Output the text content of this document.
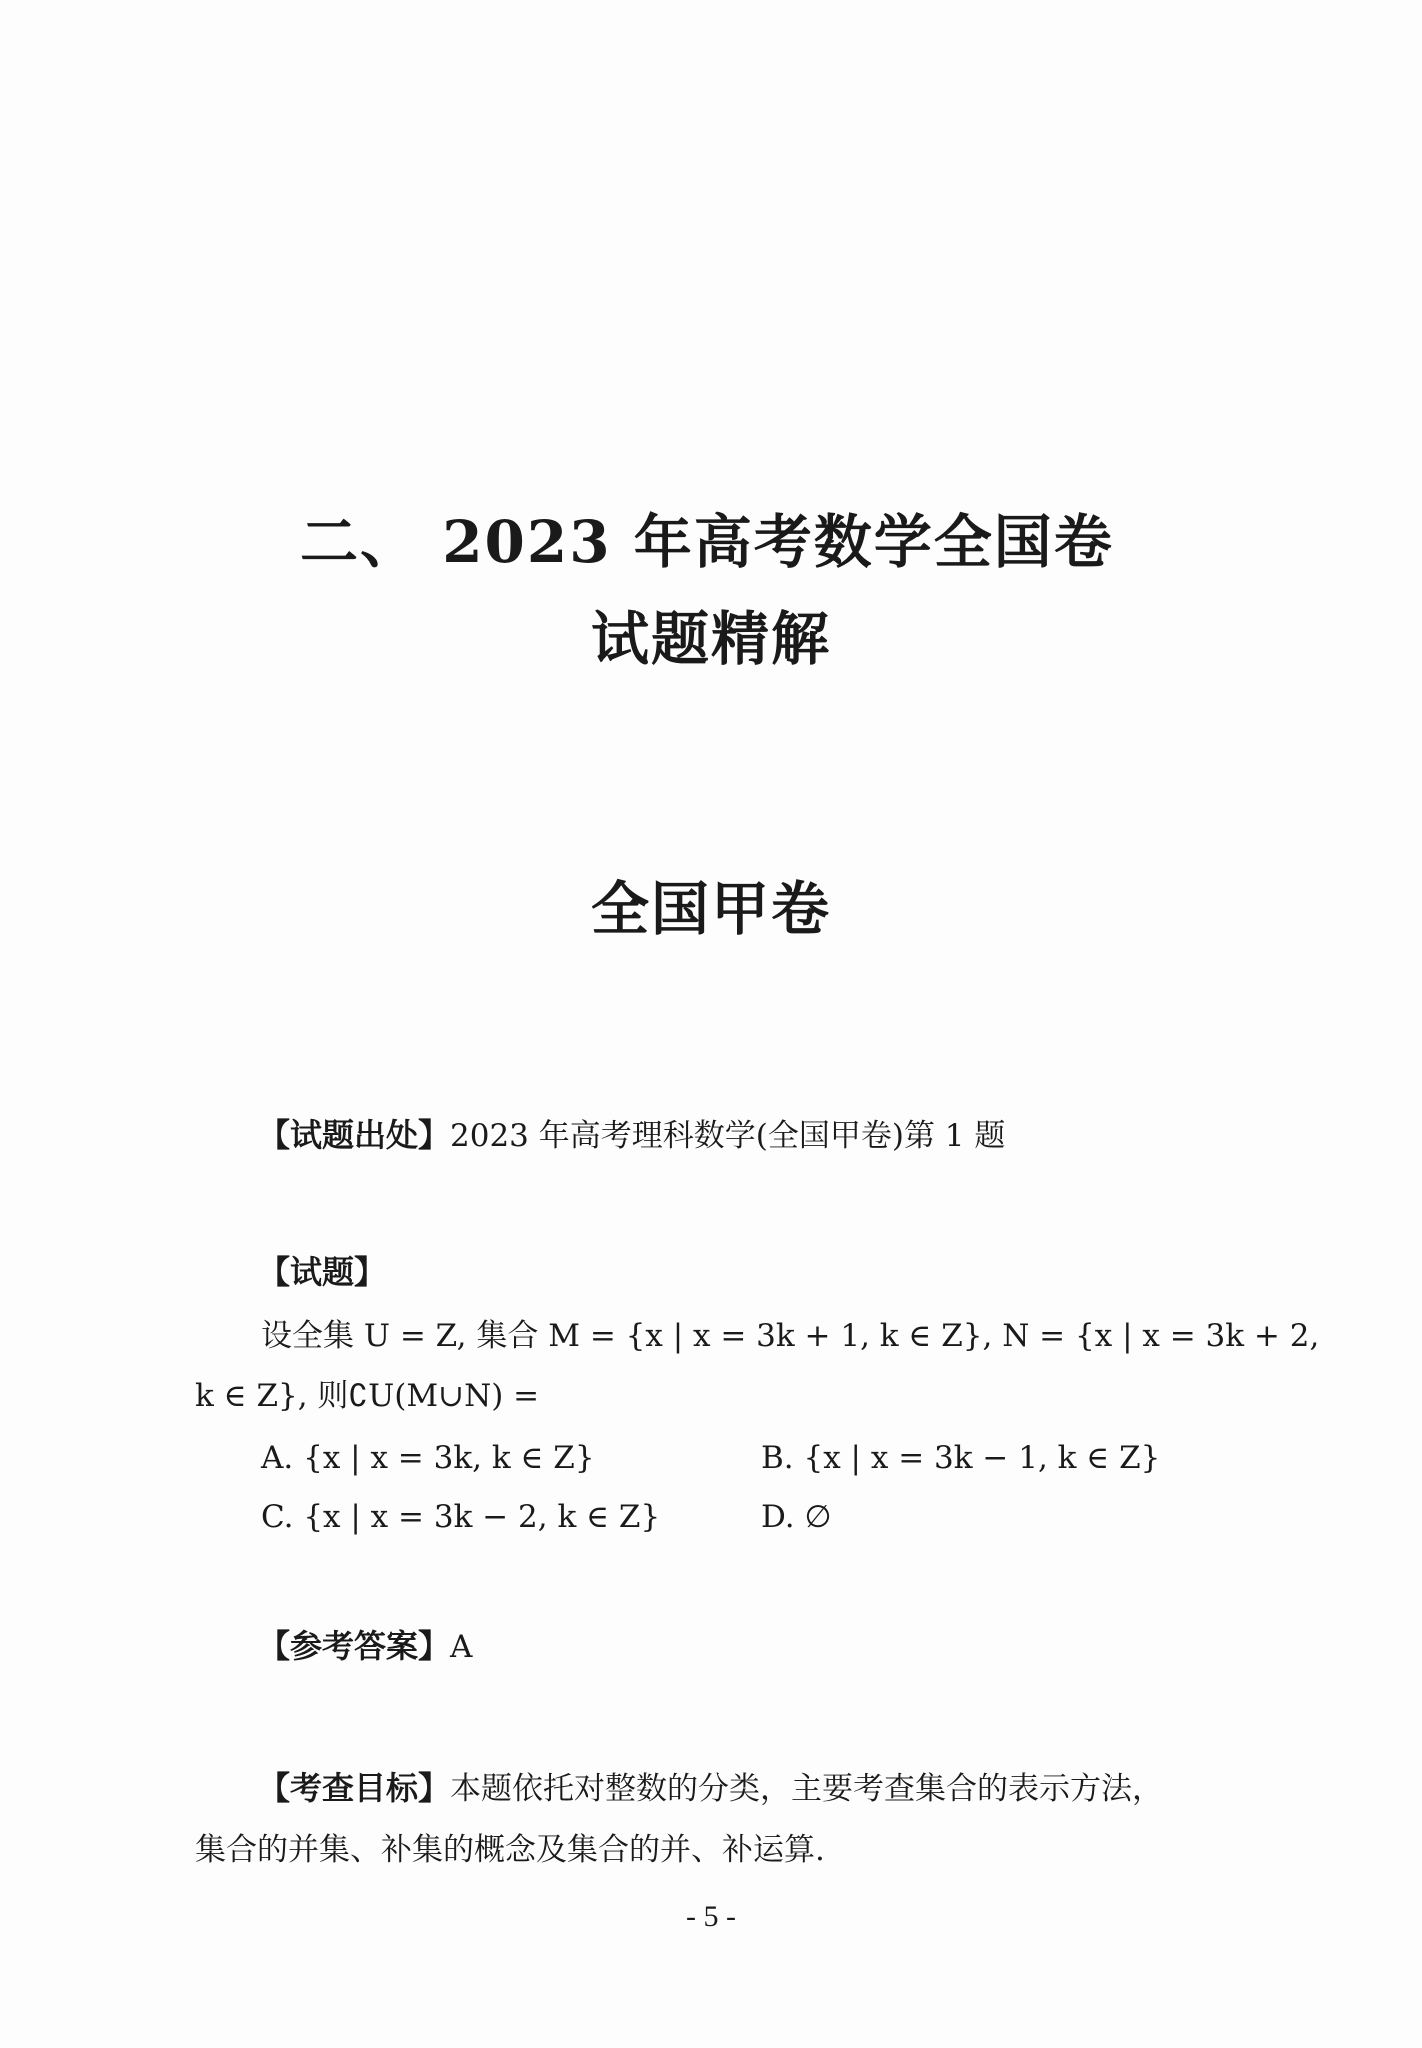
二、 2023 年高考数学全国卷
试题精解
全国甲卷
【试题出处】2023 年高考理科数学(全国甲卷)第 1 题
【试题】
设全集 U = Z, 集合 M = {x | x = 3k + 1, k ∈ Z}, N = {x | x = 3k + 2,
k ∈ Z}, 则∁U(M∪N) =
A. {x | x = 3k, k ∈ Z}	B. {x | x = 3k − 1, k ∈ Z}
C. {x | x = 3k − 2, k ∈ Z}	D. ∅
【参考答案】A
【考查目标】本题依托对整数的分类，主要考查集合的表示方法，
集合的并集、补集的概念及集合的并、补运算.
- 5 -
